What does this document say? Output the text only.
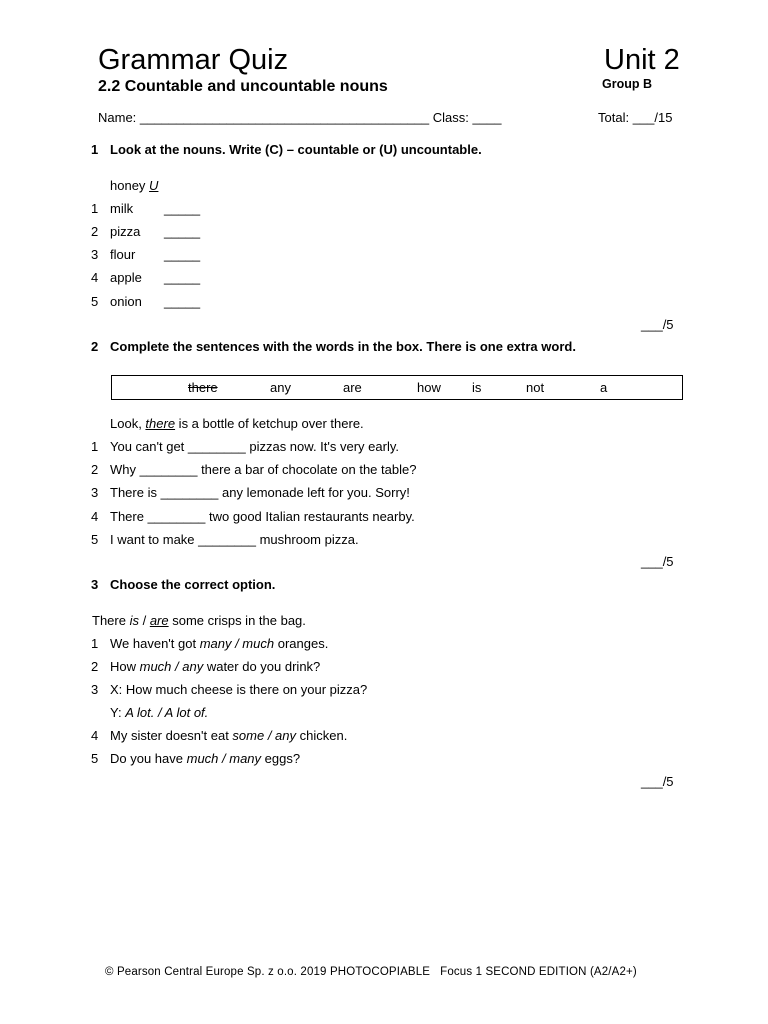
Grammar Quiz	Unit 2
2.2 Countable and uncountable nouns	Group B
Name: ________________________________________ Class: ____	Total: ___/15
1 Look at the nouns. Write (C) – countable or (U) uncountable.
honey U
1 milk _____
2 pizza _____
3 flour _____
4 apple _____
5 onion _____
___/5
2 Complete the sentences with the words in the box. There is one extra word.
there	any	are	how is	not	a
Look, there is a bottle of ketchup over there.
1 You can't get ________ pizzas now. It's very early.
2 Why ________ there a bar of chocolate on the table?
3 There is ________ any lemonade left for you. Sorry!
4 There ________ two good Italian restaurants nearby.
5 I want to make ________ mushroom pizza.
___/5
3 Choose the correct option.
There is / are some crisps in the bag.
1 We haven't got many / much oranges.
2 How much / any water do you drink?
3 X: How much cheese is there on your pizza?
Y: A lot. / A lot of.
4 My sister doesn't eat some / any chicken.
5 Do you have much / many eggs?
___/5
© Pearson Central Europe Sp. z o.o. 2019 PHOTOCOPIABLE Focus 1 SECOND EDITION (A2/A2+)
